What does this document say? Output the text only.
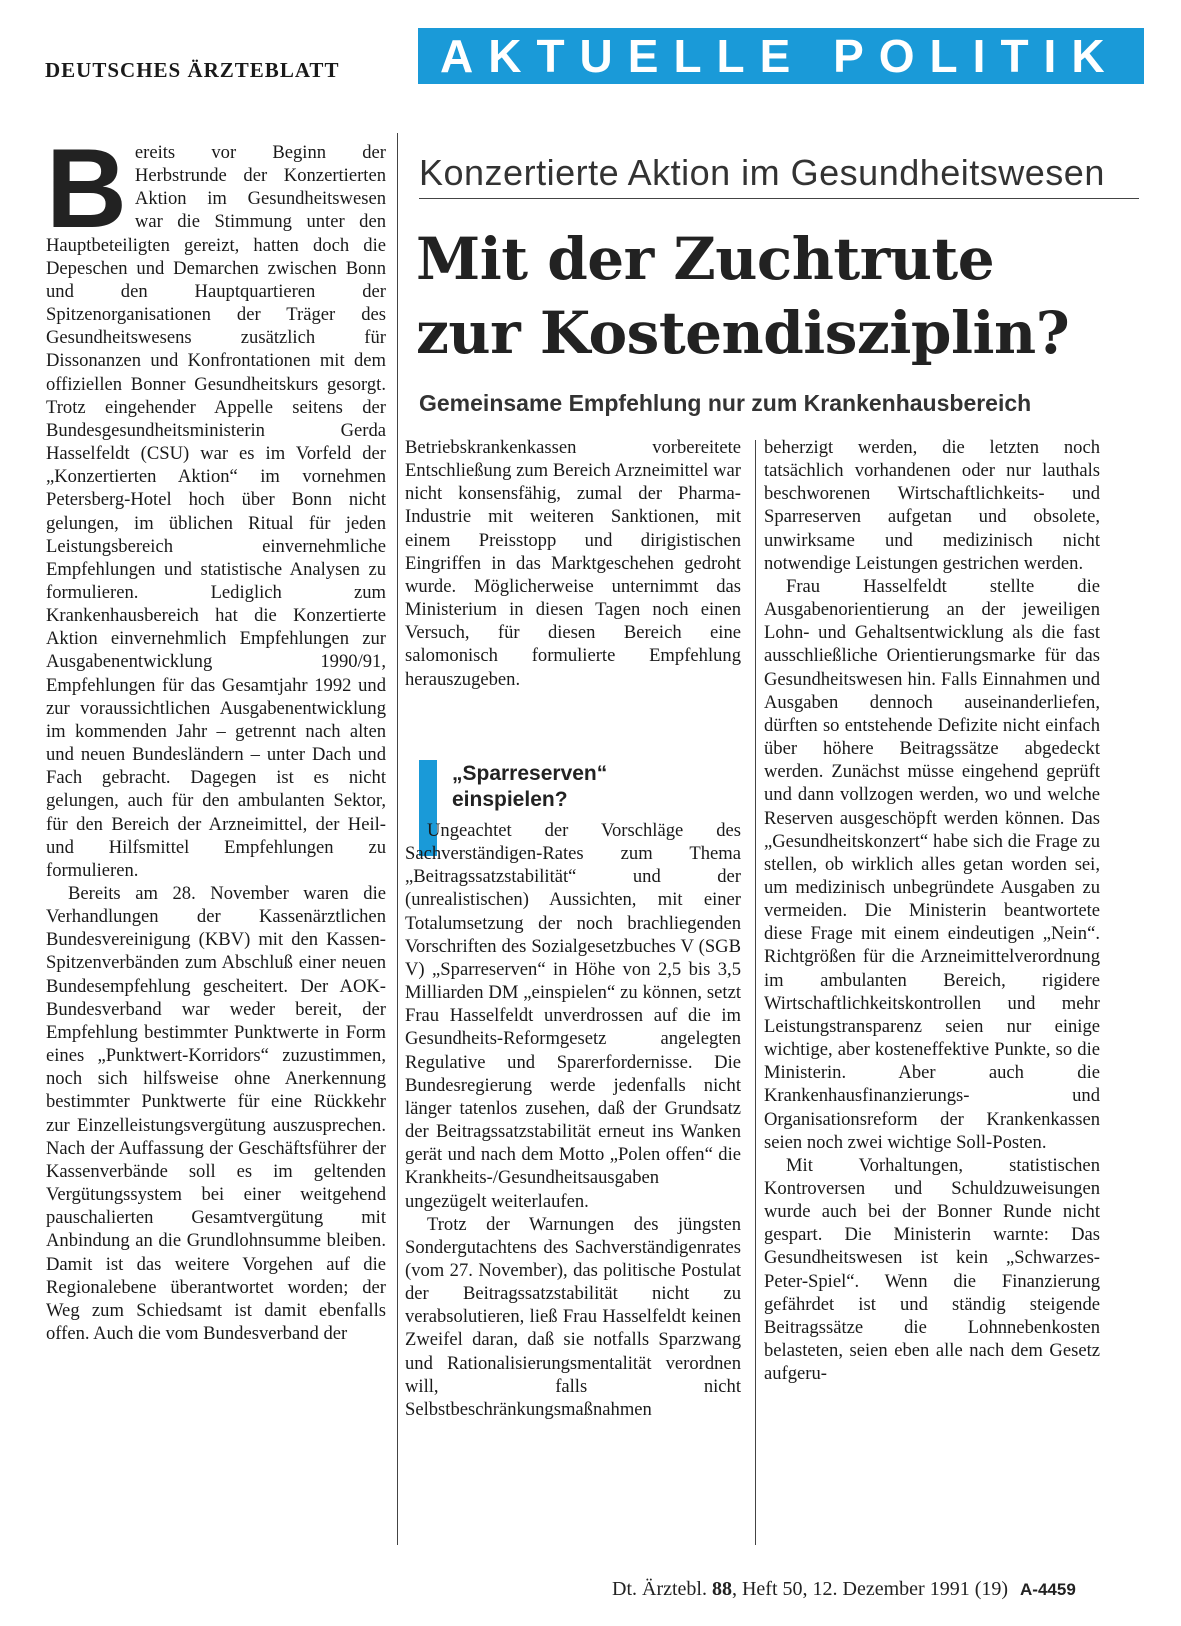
DEUTSCHES ÄRZTEBLATT	AKTUELLE POLITIK
B ereits vor Beginn der Herbstrunde der Konzertierten Aktion im Gesundheitswesen war die Stimmung unter den Hauptbeteiligten gereizt, hatten doch die Depeschen und Demarchen zwischen Bonn und den Hauptquartieren der Spitzenorganisationen der Träger des Gesundheitswesens zusätzlich für Dissonanzen und Konfrontationen mit dem offiziellen Bonner Gesundheitskurs gesorgt. Trotz eingehender Appelle seitens der Bundesgesundheitsministerin Gerda Hasselfeldt (CSU) war es im Vorfeld der „Konzertierten Aktion“ im vornehmen Petersberg-Hotel hoch über Bonn nicht gelungen, im üblichen Ritual für jeden Leistungsbereich einvernehmliche Empfehlungen und statistische Analysen zu formulieren. Lediglich zum Krankenhausbereich hat die Konzertierte Aktion einvernehmlich Empfehlungen zur Ausgabenentwicklung 1990/91, Empfehlungen für das Gesamtjahr 1992 und zur voraussichtlichen Ausgabenentwicklung im kommenden Jahr – getrennt nach alten und neuen Bundesländern – unter Dach und Fach gebracht. Dagegen ist es nicht gelungen, auch für den ambulanten Sektor, für den Bereich der Arzneimittel, der Heil- und Hilfsmittel Empfehlungen zu formulieren.

Bereits am 28. November waren die Verhandlungen der Kassenärztlichen Bundesvereinigung (KBV) mit den Kassen-Spitzenverbänden zum Abschluß einer neuen Bundesempfehlung gescheitert. Der AOK-Bundesverband war weder bereit, der Empfehlung bestimmter Punktwerte in Form eines „Punktwert-Korridors“ zuzustimmen, noch sich hilfsweise ohne Anerkennung bestimmter Punktwerte für eine Rückkehr zur Einzelleistungsvergütung auszusprechen. Nach der Auffassung der Geschäftsführer der Kassenverbände soll es im geltenden Vergütungssystem bei einer weitgehend pauschalierten Gesamtvergütung mit Anbindung an die Grundlohnsumme bleiben. Damit ist das weitere Vorgehen auf die Regionalebene überantwortet worden; der Weg zum Schiedsamt ist damit ebenfalls offen. Auch die vom Bundesverband der

Konzertierte Aktion im Gesundheitswesen
Mit der Zuchtrute
zur Kostendisziplin?
Gemeinsame Empfehlung nur zum Krankenhausbereich

Betriebskrankenkassen vorbereitete Entschließung zum Bereich Arzneimittel war nicht konsensfähig, zumal der Pharma-Industrie mit weiteren Sanktionen, mit einem Preisstopp und dirigistischen Eingriffen in das Marktgeschehen gedroht wurde. Möglicherweise unternimmt das Ministerium in diesen Tagen noch einen Versuch, für diesen Bereich eine salomonisch formulierte Empfehlung herauszugeben.

„Sparreserven“
einspielen?

Ungeachtet der Vorschläge des Sachverständigen-Rates zum Thema „Beitragssatzstabilität“ und der (unrealistischen) Aussichten, mit einer Totalumsetzung der noch brachliegenden Vorschriften des Sozialgesetzbuches V (SGB V) „Sparreserven“ in Höhe von 2,5 bis 3,5 Milliarden DM „einspielen“ zu können, setzt Frau Hasselfeldt unverdrossen auf die im Gesundheits-Reformgesetz angelegten Regulative und Sparerfordernisse. Die Bundesregierung werde jedenfalls nicht länger tatenlos zusehen, daß der Grundsatz der Beitragssatzstabilität erneut ins Wanken gerät und nach dem Motto „Polen offen“ die Krankheits-/Gesundheitsausgaben ungezügelt weiterlaufen.

Trotz der Warnungen des jüngsten Sondergutachtens des Sachverständigenrates (vom 27. November), das politische Postulat der Beitragssatzstabilität nicht zu verabsolutieren, ließ Frau Hasselfeldt keinen Zweifel daran, daß sie notfalls Sparzwang und Rationalisierungsmentalität verordnen will, falls nicht Selbstbeschränkungsmaßnahmen

beherzigt werden, die letzten noch tatsächlich vorhandenen oder nur lauthals beschworenen Wirtschaftlichkeits- und Sparreserven aufgetan und obsolete, unwirksame und medizinisch nicht notwendige Leistungen gestrichen werden.

Frau Hasselfeldt stellte die Ausgabenorientierung an der jeweiligen Lohn- und Gehaltsentwicklung als die fast ausschließliche Orientierungsmarke für das Gesundheitswesen hin. Falls Einnahmen und Ausgaben dennoch auseinanderliefen, dürften so entstehende Defizite nicht einfach über höhere Beitragssätze abgedeckt werden. Zunächst müsse eingehend geprüft und dann vollzogen werden, wo und welche Reserven ausgeschöpft werden können. Das „Gesundheitskonzert“ habe sich die Frage zu stellen, ob wirklich alles getan worden sei, um medizinisch unbegründete Ausgaben zu vermeiden. Die Ministerin beantwortete diese Frage mit einem eindeutigen „Nein“. Richtgrößen für die Arzneimittelverordnung im ambulanten Bereich, rigidere Wirtschaftlichkeitskontrollen und mehr Leistungstransparenz seien nur einige wichtige, aber kosteneffektive Punkte, so die Ministerin. Aber auch die Krankenhausfinanzierungs- und Organisationsreform der Krankenkassen seien noch zwei wichtige Soll-Posten.

Mit Vorhaltungen, statistischen Kontroversen und Schuldzuweisungen wurde auch bei der Bonner Runde nicht gespart. Die Ministerin warnte: Das Gesundheitswesen ist kein „Schwarzes-Peter-Spiel“. Wenn die Finanzierung gefährdet ist und ständig steigende Beitragssätze die Lohnnebenkosten belasteten, seien eben alle nach dem Gesetz aufgeru-

Dt. Ärztebl. 88, Heft 50, 12. Dezember 1991 (19) A-4459
